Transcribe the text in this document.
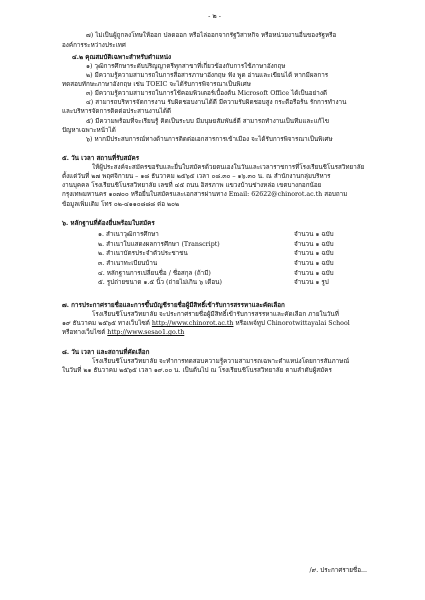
- ๒ -

๗) ไม่เป็นผู้ถูกลงโทษให้ออก ปลดออก หรือไล่ออกจากรัฐวิสาหกิจ หรือหน่วยงานอื่นของรัฐหรือ

องค์การระหว่างประเทศ

๔.๒ คุณสมบัติเฉพาะสำหรับตำแหน่ง

๑) วุฒิการศึกษาระดับปริญญาตรีทุกสาขาที่เกี่ยวข้องกับการใช้ภาษาอังกฤษ

๒) มีความรู้ความสามารถในการสื่อสารภาษาอังกฤษ ฟัง พูด อ่านและเขียนได้ หากมีผลการ

ทดสอบทักษะภาษาอังกฤษ เช่น TOEIC จะได้รับการพิจารณาเป็นพิเศษ

๓) มีความรู้ความสามารถในการใช้คอมพิวเตอร์เบื้องต้น Microsoft Office ได้เป็นอย่างดี

๔) สามารถบริหารจัดการงาน รับผิดชอบงานได้ดี มีความรับผิดชอบสูง กระตือรือร้น รักการทำงาน

และบริหารจัดการติดต่อประสานงานได้ดี

๕) มีความพร้อมที่จะเรียนรู้ คิดเป็นระบบ มีมนุษยสัมพันธ์ดี สามารถทำงานเป็นทีมและแก้ไข

ปัญหาเฉพาะหน้าได้

๖) หากมีประสบการณ์ทางด้านการติดต่อเอกสารการเข้าเมือง จะได้รับการพิจารณาเป็นพิเศษ

๕. วัน เวลา สถานที่รับสมัคร

ให้ผู้ประสงค์จะสมัครขอรับและยื่นใบสมัครด้วยตนเองในวันและเวลาราชการที่โรงเรียนชิโนรสวิทยาลัย

ตั้งแต่วันที่ ๒๗ พฤศจิกายน – ๑๘ ธันวาคม ๒๕๖๕ เวลา ๐๘.๓๐ – ๑๖.๓๐ น. ณ สำนักงานกลุ่มบริหาร

งานบุคคล โรงเรียนชิโนรสวิทยาลัย เลขที่ ๔๕ ถนน อิสรภาพ แขวงบ้านช่างหล่อ เขตบางกอกน้อย

กรุงเทพมหานคร ๑๐๗๐๐ หรือยื่นใบสมัครและเอกสารผ่านทาง Email: 62622@chinorot.ac.th สอบถาม

ข้อมูลเพิ่มเติม โทร ๐๒-๔๑๑๐๘๘๘ ต่อ ๒๐๒

๖. หลักฐานที่ต้องยื่นพร้อมใบสมัคร

๑. สำเนาวุฒิการศึกษา	จำนวน ๑ ฉบับ
๒. สำเนาใบแสดงผลการศึกษา (Transcript)	จำนวน ๑ ฉบับ
๒. สำเนาบัตรประจำตัวประชาชน	จำนวน ๑ ฉบับ
๓. สำเนาทะเบียนบ้าน	จำนวน ๑ ฉบับ
๔. หลักฐานการเปลี่ยนชื่อ / ชื่อสกุล (ถ้ามี)	จำนวน ๑ ฉบับ
๕. รูปถ่ายขนาด ๑.๕ นิ้ว (ถ่ายไม่เกิน ๖ เดือน)	จำนวน ๑ รูป

๗. การประกาศรายชื่อและการขึ้นบัญชีรายชื่อผู้มีสิทธิ์เข้ารับการสรรหาและคัดเลือก

โรงเรียนชิโนรสวิทยาลัย จะประกาศรายชื่อผู้มีสิทธิ์เข้ารับการสรรหาและคัดเลือก ภายในวันที่

๑๙ ธันวาคม ๒๕๖๕ ทางเว็บไซต์ http://www.chinorot.ac.th หรือเพจ์ทูป Chinorotwittayalai School

หรือทางเว็บไซต์ http://www.sesao1.go.th

๘. วัน เวลา และสถานที่คัดเลือก

โรงเรียนชิโนรสวิทยาลัย จะทำการทดสอบความรู้ความสามารถเฉพาะตำแหน่งโดยการสัมภาษณ์

ในวันที่ ๒๑ ธันวาคม ๒๕๖๕ เวลา ๑๙.๐๐ น. เป็นต้นไป ณ โรงเรียนชิโนรสวิทยาลัย ตามลำดับผู้สมัคร

/๙. ประกาศรายชื่อ...
